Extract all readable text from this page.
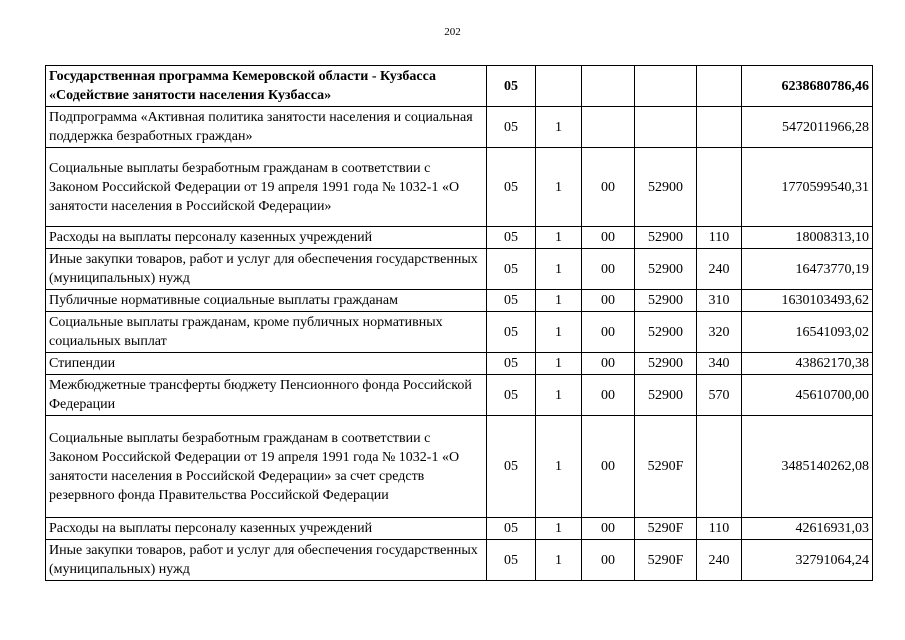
202
Государственная программа Кемеровской области - Кузбасса «Содействие занятости населения Кузбасса»	05					6238680786,46
Подпрограмма «Активная политика занятости населения и социальная поддержка безработных граждан»	05	1				5472011966,28
Социальные выплаты безработным гражданам в соответствии с Законом Российской Федерации от 19 апреля 1991 года № 1032-1 «О занятости населения в Российской Федерации»	05	1	00	52900		1770599540,31
Расходы на выплаты персоналу казенных учреждений	05	1	00	52900	110	18008313,10
Иные закупки товаров, работ и услуг для обеспечения государственных (муниципальных) нужд	05	1	00	52900	240	16473770,19
Публичные нормативные социальные выплаты гражданам	05	1	00	52900	310	1630103493,62
Социальные выплаты гражданам, кроме публичных нормативных социальных выплат	05	1	00	52900	320	16541093,02
Стипендии	05	1	00	52900	340	43862170,38
Межбюджетные трансферты бюджету Пенсионного фонда Российской Федерации	05	1	00	52900	570	45610700,00
Социальные выплаты безработным гражданам в соответствии с Законом Российской Федерации от 19 апреля 1991 года № 1032-1 «О занятости населения в Российской Федерации» за счет средств резервного фонда Правительства Российской Федерации	05	1	00	5290F		3485140262,08
Расходы на выплаты персоналу казенных учреждений	05	1	00	5290F	110	42616931,03
Иные закупки товаров, работ и услуг для обеспечения государственных (муниципальных) нужд	05	1	00	5290F	240	32791064,24
